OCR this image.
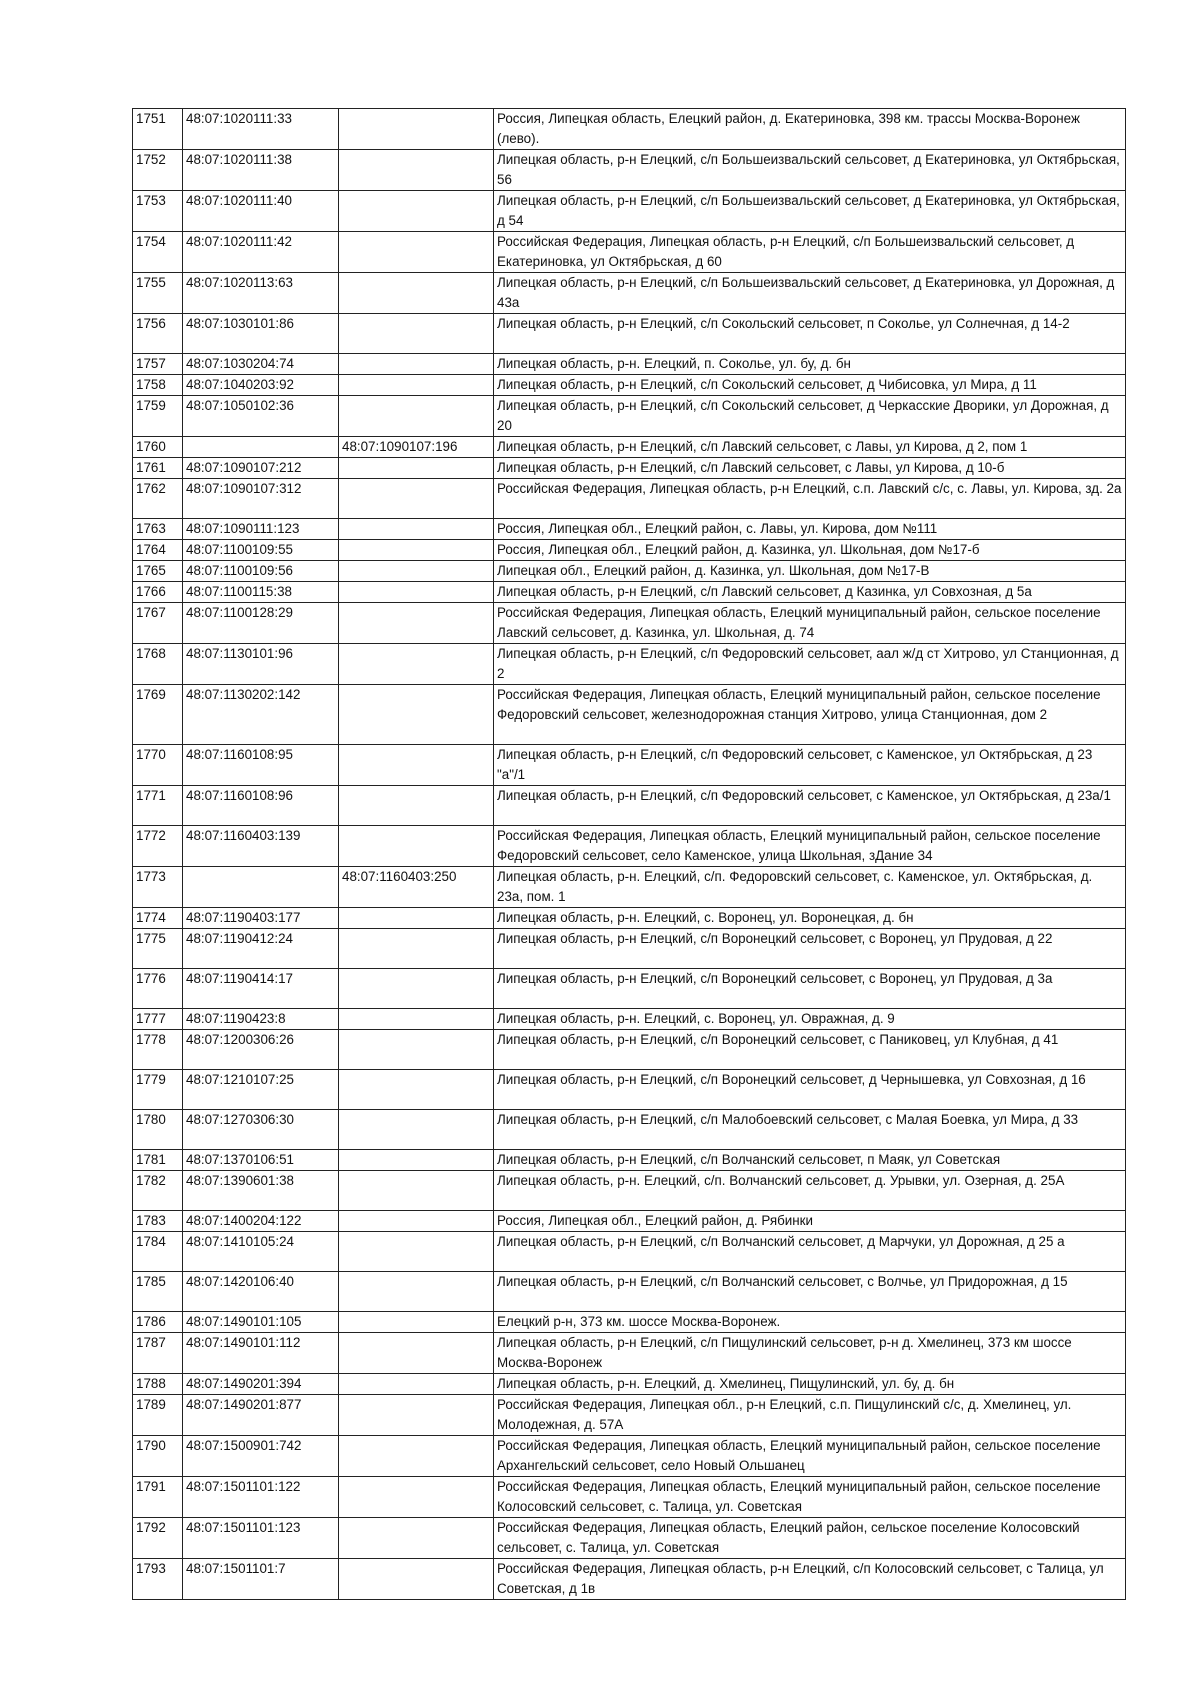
1751	48:07:1020111:33		Россия, Липецкая область, Елецкий район, д. Екатериновка, 398 км. трассы Москва-Воронеж (лево).
1752	48:07:1020111:38		Липецкая область, р-н Елецкий, с/п Большеизвальский сельсовет, д Екатериновка, ул Октябрьская, 56
1753	48:07:1020111:40		Липецкая область, р-н Елецкий, с/п Большеизвальский сельсовет, д Екатериновка, ул Октябрьская, д 54
1754	48:07:1020111:42		Российская Федерация, Липецкая область, р-н Елецкий, с/п Большеизвальский сельсовет, д Екатериновка, ул Октябрьская, д 60
1755	48:07:1020113:63		Липецкая область, р-н Елецкий, с/п Большеизвальский сельсовет, д Екатериновка, ул Дорожная, д 43а
1756	48:07:1030101:86		Липецкая область, р-н Елецкий, с/п Сокольский сельсовет, п Соколье, ул Солнечная, д 14-2
1757	48:07:1030204:74		Липецкая область, р-н. Елецкий, п. Соколье, ул. бу, д. бн
1758	48:07:1040203:92		Липецкая область, р-н Елецкий, с/п Сокольский сельсовет, д Чибисовка, ул Мира, д 11
1759	48:07:1050102:36		Липецкая область, р-н Елецкий, с/п Сокольский сельсовет, д Черкасские Дворики, ул Дорожная, д 20
1760		48:07:1090107:196	Липецкая область, р-н Елецкий, с/п Лавский сельсовет, с Лавы, ул Кирова, д 2, пом 1
1761	48:07:1090107:212		Липецкая область, р-н Елецкий, с/п Лавский сельсовет, с Лавы, ул Кирова, д 10-б
1762	48:07:1090107:312		Российская Федерация, Липецкая область, р-н Елецкий, с.п. Лавский с/с, с. Лавы, ул. Кирова, зд. 2а
1763	48:07:1090111:123		Россия, Липецкая обл., Елецкий район, с. Лавы, ул. Кирова, дом №111
1764	48:07:1100109:55		Россия, Липецкая обл., Елецкий район, д. Казинка, ул. Школьная, дом №17-б
1765	48:07:1100109:56		Липецкая обл., Елецкий район, д. Казинка, ул. Школьная, дом №17-В
1766	48:07:1100115:38		Липецкая область, р-н Елецкий, с/п Лавский сельсовет, д Казинка, ул Совхозная, д 5а
1767	48:07:1100128:29		Российская Федерация, Липецкая область, Елецкий муниципальный район, сельское поселение Лавский сельсовет, д. Казинка, ул. Школьная, д. 74
1768	48:07:1130101:96		Липецкая область, р-н Елецкий, с/п Федоровский сельсовет, аал ж/д ст Хитрово, ул Станционная, д 2
1769	48:07:1130202:142		Российская Федерация, Липецкая область, Елецкий муниципальный район, сельское поселение Федоровский сельсовет, железнодорожная станция Хитрово, улица Станционная, дом 2
1770	48:07:1160108:95		Липецкая область, р-н Елецкий, с/п Федоровский сельсовет, с Каменское, ул Октябрьская, д 23 "а"/1
1771	48:07:1160108:96		Липецкая область, р-н Елецкий, с/п Федоровский сельсовет, с Каменское, ул Октябрьская, д 23а/1
1772	48:07:1160403:139		Российская Федерация, Липецкая область, Елецкий муниципальный район, сельское поселение Федоровский сельсовет, село Каменское, улица Школьная, зДание 34
1773		48:07:1160403:250	Липецкая область, р-н. Елецкий, с/п. Федоровский сельсовет, с. Каменское, ул. Октябрьская, д. 23а, пом. 1
1774	48:07:1190403:177		Липецкая область, р-н. Елецкий, с. Воронец, ул. Воронецкая, д. бн
1775	48:07:1190412:24		Липецкая область, р-н Елецкий, с/п Воронецкий сельсовет, с Воронец, ул Прудовая, д 22
1776	48:07:1190414:17		Липецкая область, р-н Елецкий, с/п Воронецкий сельсовет, с Воронец, ул Прудовая, д 3а
1777	48:07:1190423:8		Липецкая область, р-н. Елецкий, с. Воронец, ул. Овражная, д. 9
1778	48:07:1200306:26		Липецкая область, р-н Елецкий, с/п Воронецкий сельсовет, с Паниковец, ул Клубная, д 41
1779	48:07:1210107:25		Липецкая область, р-н Елецкий, с/п Воронецкий сельсовет, д Чернышевка, ул Совхозная, д 16
1780	48:07:1270306:30		Липецкая область, р-н Елецкий, с/п Малобоевский сельсовет, с Малая Боевка, ул Мира, д 33
1781	48:07:1370106:51		Липецкая область, р-н Елецкий, с/п Волчанский сельсовет, п Маяк, ул Советская
1782	48:07:1390601:38		Липецкая область, р-н. Елецкий, с/п. Волчанский сельсовет, д. Урывки, ул. Озерная, д. 25А
1783	48:07:1400204:122		Россия, Липецкая обл., Елецкий район, д. Рябинки
1784	48:07:1410105:24		Липецкая область, р-н Елецкий, с/п Волчанский сельсовет, д Марчуки, ул Дорожная, д 25 а
1785	48:07:1420106:40		Липецкая область, р-н Елецкий, с/п Волчанский сельсовет, с Волчье, ул Придорожная, д 15
1786	48:07:1490101:105		Елецкий р-н, 373 км. шоссе Москва-Воронеж.
1787	48:07:1490101:112		Липецкая область, р-н Елецкий, с/п Пищулинский сельсовет, р-н д. Хмелинец, 373 км шоссе Москва-Воронеж
1788	48:07:1490201:394		Липецкая область, р-н. Елецкий, д. Хмелинец, Пищулинский, ул. бу, д. бн
1789	48:07:1490201:877		Российская Федерация, Липецкая обл., р-н Елецкий, с.п. Пищулинский с/с, д. Хмелинец, ул. Молодежная, д. 57А
1790	48:07:1500901:742		Российская Федерация, Липецкая область, Елецкий муниципальный район, сельское поселение Архангельский сельсовет, село Новый Ольшанец
1791	48:07:1501101:122		Российская Федерация, Липецкая область, Елецкий муниципальный район, сельское поселение Колосовский сельсовет, с. Талица, ул. Советская
1792	48:07:1501101:123		Российская Федерация, Липецкая область, Елецкий район, сельское поселение Колосовский сельсовет, с. Талица, ул. Советская
1793	48:07:1501101:7		Российская Федерация, Липецкая область, р-н Елецкий, с/п Колосовский сельсовет, с Талица, ул Советская, д 1в
